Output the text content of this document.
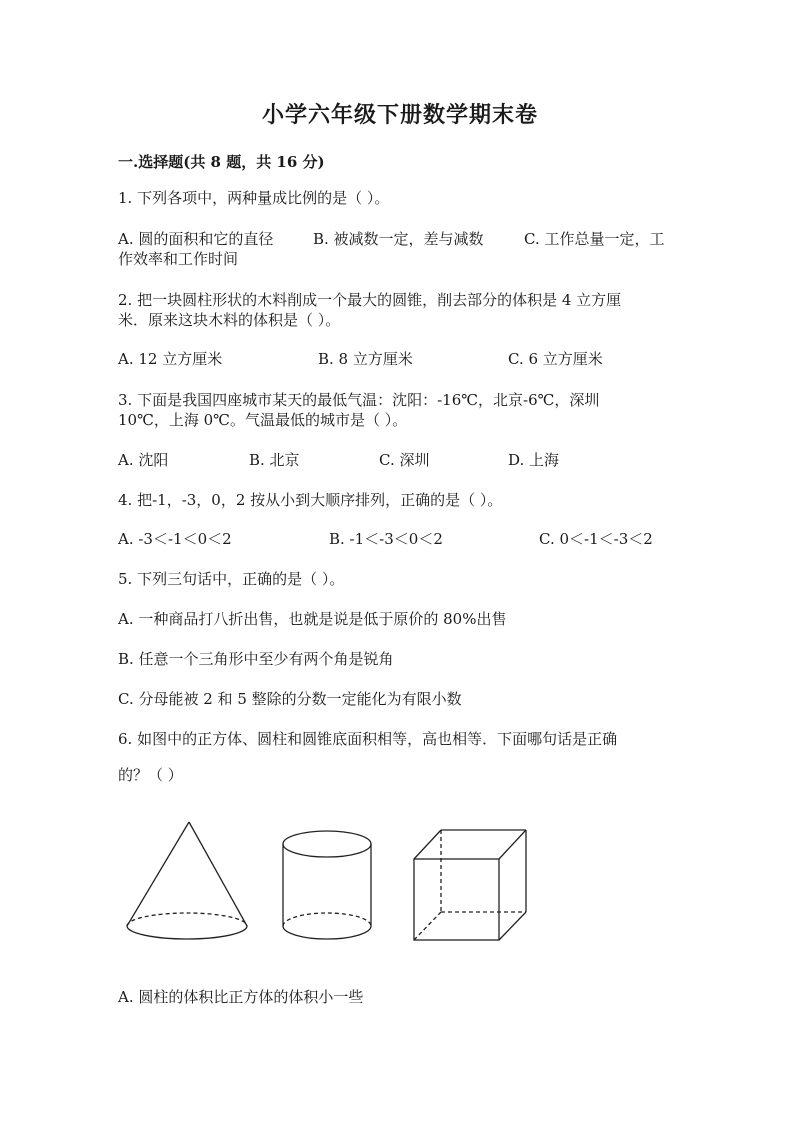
小学六年级下册数学期末卷
一.选择题(共 8 题，共 16 分)
1. 下列各项中，两种量成比例的是（ ）。
A. 圆的面积和它的直径	B. 被减数一定，差与减数	C. 工作总量一定，工
作效率和工作时间
2. 把一块圆柱形状的木料削成一个最大的圆锥，削去部分的体积是 4 立方厘
米．原来这块木料的体积是（ ）。
A. 12 立方厘米	B. 8 立方厘米	C. 6 立方厘米
3. 下面是我国四座城市某天的最低气温：沈阳：-16℃，北京-6℃，深圳
10℃，上海 0℃。气温最低的城市是（ ）。
A. 沈阳	B. 北京	C. 深圳	D. 上海
4. 把-1，-3，0，2 按从小到大顺序排列，正确的是（ ）。
A. -3＜-1＜0＜2	B. -1＜-3＜0＜2	C. 0＜-1＜-3＜2
5. 下列三句话中，正确的是（ ）。
A. 一种商品打八折出售，也就是说是低于原价的 80%出售
B. 任意一个三角形中至少有两个角是锐角
C. 分母能被 2 和 5 整除的分数一定能化为有限小数
6. 如图中的正方体、圆柱和圆锥底面积相等，高也相等．下面哪句话是正确
的？（ ）
A. 圆柱的体积比正方体的体积小一些
